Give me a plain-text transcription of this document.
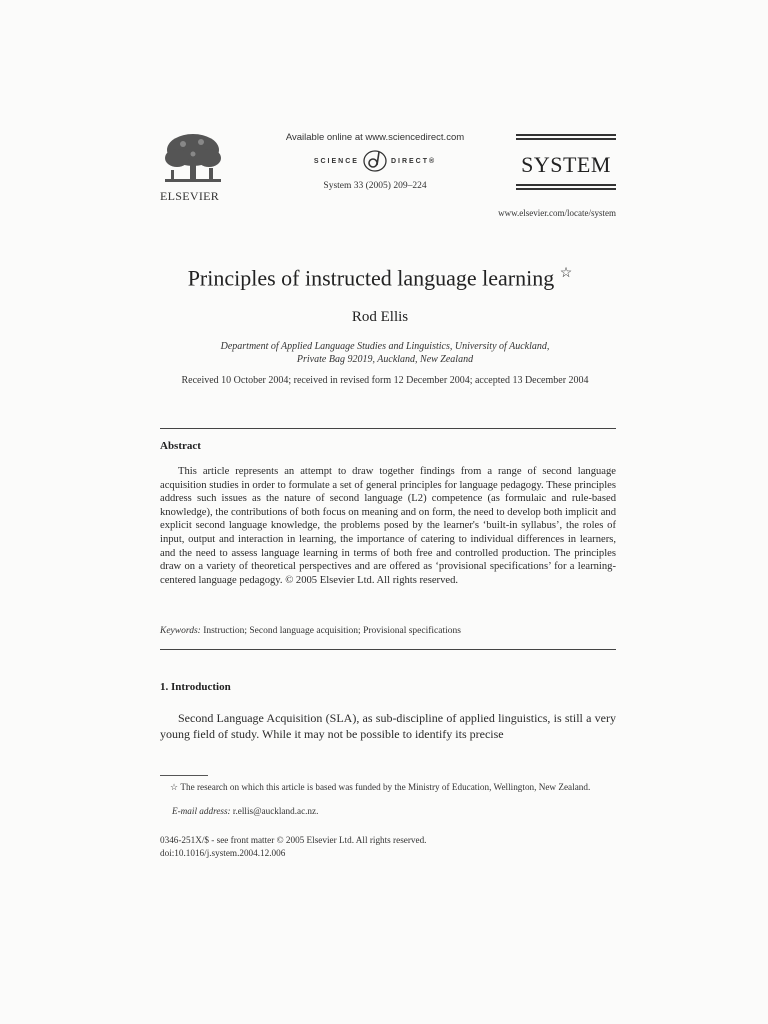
ELSEVIER
Available online at www.sciencedirect.com
SCIENCE	DIRECT®
System 33 (2005) 209–224
SYSTEM
www.elsevier.com/locate/system
Principles of instructed language learning ☆
Rod Ellis
Department of Applied Language Studies and Linguistics, University of Auckland,
Private Bag 92019, Auckland, New Zealand
Received 10 October 2004; received in revised form 12 December 2004; accepted 13 December 2004
Abstract
This article represents an attempt to draw together findings from a range of second language acquisition studies in order to formulate a set of general principles for language pedagogy. These principles address such issues as the nature of second language (L2) competence (as formulaic and rule-based knowledge), the contributions of both focus on meaning and on form, the need to develop both implicit and explicit second language knowledge, the problems posed by the learner's ‘built-in syllabus’, the roles of input, output and interaction in learning, the importance of catering to individual differences in learners, and the need to assess language learning in terms of both free and controlled production. The principles draw on a variety of theoretical perspectives and are offered as ‘provisional specifications’ for a learning-centered language pedagogy. © 2005 Elsevier Ltd. All rights reserved.
Keywords: Instruction; Second language acquisition; Provisional specifications
1. Introduction
Second Language Acquisition (SLA), as sub-discipline of applied linguistics, is still a very young field of study. While it may not be possible to identify its precise
☆ The research on which this article is based was funded by the Ministry of Education, Wellington, New Zealand.
E-mail address: r.ellis@auckland.ac.nz.
0346-251X/$ - see front matter © 2005 Elsevier Ltd. All rights reserved.
doi:10.1016/j.system.2004.12.006
